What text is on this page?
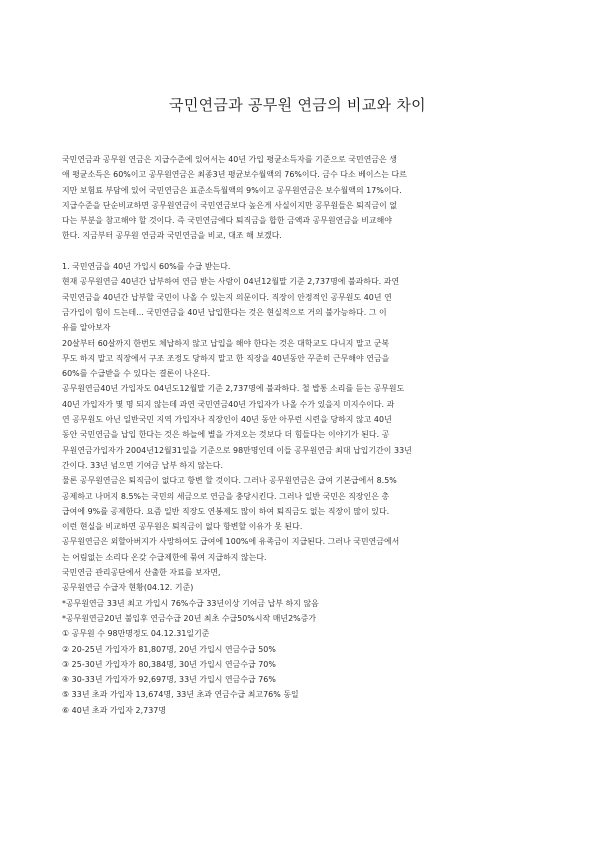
국민연금과 공무원 연금의 비교와 차이
국민연금과 공무원 연금은 지급수준에 있어서는 40년 가입 평균소득자를 기준으로 국민연금은 생
애 평균소득은 60%이고 공무원연금은 최종3년 평균보수월액의 76%이다. 금수 다소 베이스는 다르
지만 보험료 부담에 있어 국민연금은 표준소득월액의 9%이고 공무원연금은 보수월액의 17%이다.
지급수준을 단순비교하면 공무원연금이 국민연금보다 높은게 사실이지만 공무원들은 퇴직금이 없
다는 부분을 참고해야 할 것이다. 즉 국민연금에다 퇴직금을 합한 금액과 공무원연금을 비교해야
한다. 지금부터 공무원 연금과 국민연금을 비교, 대조 해 보겠다.
1. 국민연금을 40년 가입시 60%를 수급 받는다.
현재 공무원연금 40년간 납부하여 연금 받는 사람이 04년12월말 기준 2,737명에 불과하다. 과연
국민연금을 40년간 납부할 국민이 나올 수 있는지 의문이다. 직장이 안정적인 공무원도 40년 연
금가입이 힘이 드는데... 국민연금을 40년 납입한다는 것은 현실적으로 거의 불가능하다. 그 이
유를 알아보자
20살부터 60살까지 한번도 체납하지 않고 납입을 해야 한다는 것은 대학교도 다니지 말고 군복
무도 하지 말고 직장에서 구조 조정도 당하지 말고 한 직장을 40년동안 꾸준히 근무해야 연금을
60%를 수급받을 수 있다는 결론이 나온다.
공무원연금40년 가입자도 04년도12월말 기준 2,737명에 불과하다. 철 밥통 소리를 듣는 공무원도
40년 가입자가 몇 명 되지 않는데 과연 국민연금40년 가입자가 나올 수가 있을지 미지수이다. 과
연 공무원도 아닌 일반국민 지역 가입자나 직장인이 40년 동안 아무런 시련을 당하지 않고 40년
동안 국민연금을 납입 한다는 것은 하늘에 별을 가져오는 것보다 더 힘들다는 이야기가 된다. 공
무원연금가입자가 2004년12월31일을 기준으로 98만명인데 이들 공무원연금 최대 납입기간이 33년
간이다. 33년 넘으면 기여금 납부 하지 않는다.
물론 공무원연금은 퇴직금이 없다고 항변 할 것이다. 그러나 공무원연금은 급여 기본급에서 8.5%
공제하고 나머지 8.5%는 국민의 세금으로 연금을 충당시킨다. 그러나 일반 국민은 직장인은 총
급여에 9%를 공제한다. 요즘 일반 직장도 연봉제도 많이 하여 퇴직금도 없는 직장이 많이 있다.
이런 현실을 비교하면 공무원은 퇴직금이 없다 항변할 이유가 못 된다.
공무원연금은 외할아버지가 사망하여도 급여에 100%에 유족금이 지급된다. 그러나 국민연금에서
는 어림없는 소리다 온갖 수급제한에 묶여 지급하지 않는다.
국민연금 관리공단에서 산출한 자료를 보자면,
공무원연금 수급자 현황(04.12. 기준)
*공무원연금 33년 최고 가입시 76%수급 33년이상 기여금 납부 하지 않음
*공무원연금20년 불입후 연금수급 20년 최초 수급50%시작 매년2%증가
① 공무원 수 98만명정도 04.12.31일기준
② 20-25년 가입자가 81,807명, 20년 가입시 연금수급 50%
③ 25-30년 가입자가 80,384명, 30년 가입시 연금수급 70%
④ 30-33년 가입자가 92,697명, 33년 가입시 연금수급 76%
⑤ 33년 초과 가입자 13,674명, 33년 초과 연금수급 최고76% 동일
⑥ 40년 초과 가입자 2,737명
